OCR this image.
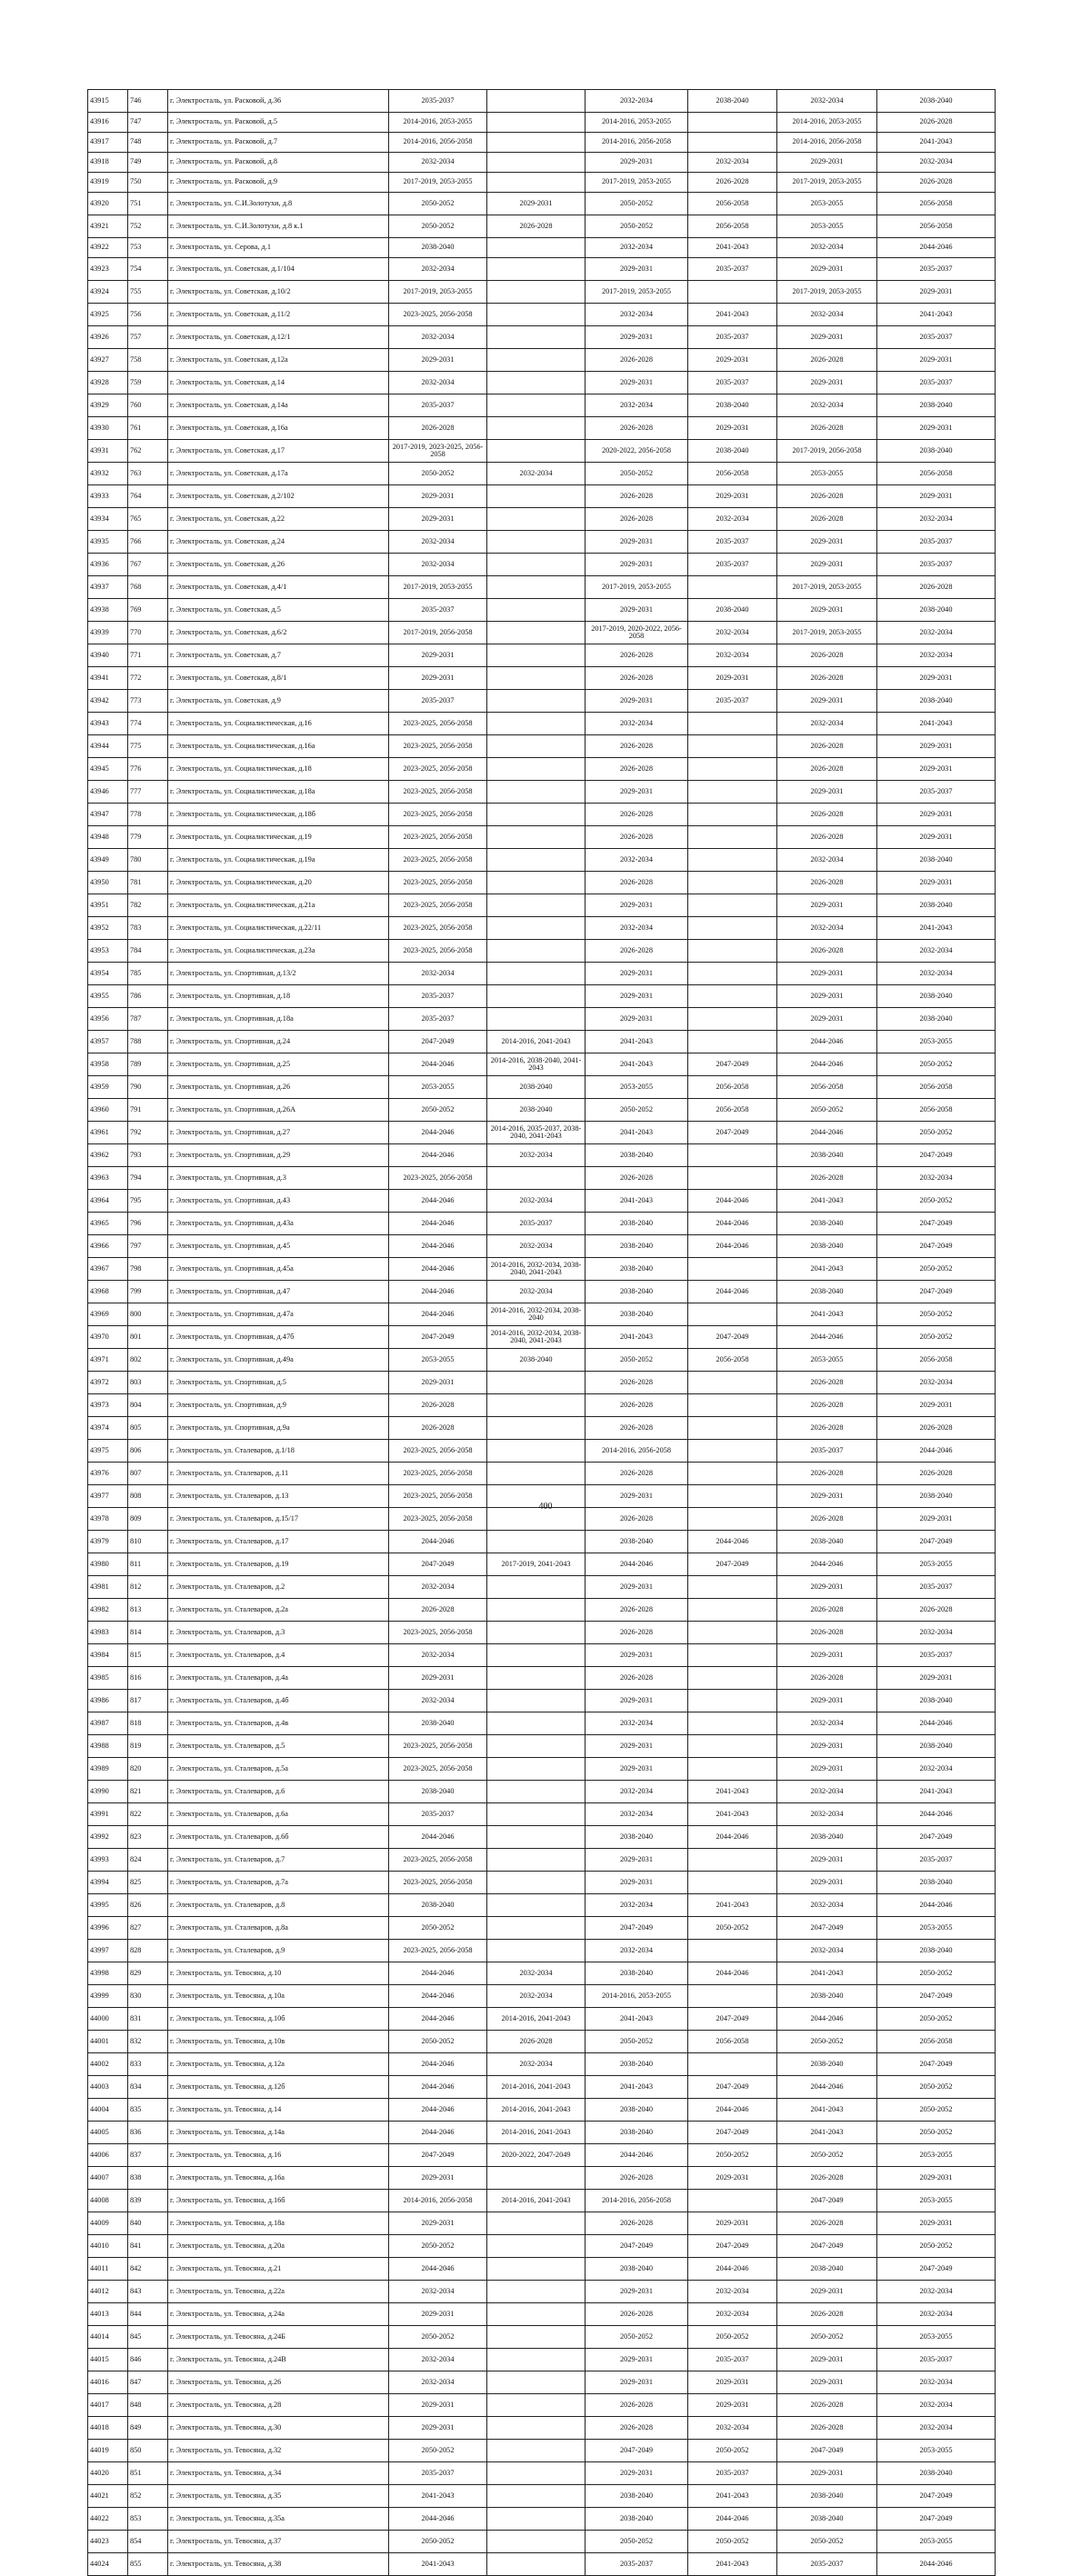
43915	746	г. Электросталь, ул. Расковой, д.36	2035-2037		2032-2034	2038-2040	2032-2034	2038-2040
43916	747	г. Электросталь, ул. Расковой, д.5	2014-2016, 2053-2055		2014-2016, 2053-2055		2014-2016, 2053-2055	2026-2028
43917	748	г. Электросталь, ул. Расковой, д.7	2014-2016, 2056-2058		2014-2016, 2056-2058		2014-2016, 2056-2058	2041-2043
43918	749	г. Электросталь, ул. Расковой, д.8	2032-2034		2029-2031	2032-2034	2029-2031	2032-2034
43919	750	г. Электросталь, ул. Расковой, д.9	2017-2019, 2053-2055		2017-2019, 2053-2055	2026-2028	2017-2019, 2053-2055	2026-2028
43920	751	г. Электросталь, ул. С.И.Золотухи, д.8	2050-2052	2029-2031	2050-2052	2056-2058	2053-2055	2056-2058
43921	752	г. Электросталь, ул. С.И.Золотухи, д.8 к.1	2050-2052	2026-2028	2050-2052	2056-2058	2053-2055	2056-2058
43922	753	г. Электросталь, ул. Серова, д.1	2038-2040		2032-2034	2041-2043	2032-2034	2044-2046
43923	754	г. Электросталь, ул. Советская, д.1/104	2032-2034		2029-2031	2035-2037	2029-2031	2035-2037
43924	755	г. Электросталь, ул. Советская, д.10/2	2017-2019, 2053-2055		2017-2019, 2053-2055		2017-2019, 2053-2055	2029-2031
43925	756	г. Электросталь, ул. Советская, д.11/2	2023-2025, 2056-2058		2032-2034	2041-2043	2032-2034	2041-2043
43926	757	г. Электросталь, ул. Советская, д.12/1	2032-2034		2029-2031	2035-2037	2029-2031	2035-2037
43927	758	г. Электросталь, ул. Советская, д.12а	2029-2031		2026-2028	2029-2031	2026-2028	2029-2031
43928	759	г. Электросталь, ул. Советская, д.14	2032-2034		2029-2031	2035-2037	2029-2031	2035-2037
43929	760	г. Электросталь, ул. Советская, д.14а	2035-2037		2032-2034	2038-2040	2032-2034	2038-2040
43930	761	г. Электросталь, ул. Советская, д.16а	2026-2028		2026-2028	2029-2031	2026-2028	2029-2031
43931	762	г. Электросталь, ул. Советская, д.17	2017-2019, 2023-2025, 2056-2058		2020-2022, 2056-2058	2038-2040	2017-2019, 2056-2058	2038-2040
43932	763	г. Электросталь, ул. Советская, д.17а	2050-2052	2032-2034	2050-2052	2056-2058	2053-2055	2056-2058
43933	764	г. Электросталь, ул. Советская, д.2/102	2029-2031		2026-2028	2029-2031	2026-2028	2029-2031
43934	765	г. Электросталь, ул. Советская, д.22	2029-2031		2026-2028	2032-2034	2026-2028	2032-2034
43935	766	г. Электросталь, ул. Советская, д.24	2032-2034		2029-2031	2035-2037	2029-2031	2035-2037
43936	767	г. Электросталь, ул. Советская, д.26	2032-2034		2029-2031	2035-2037	2029-2031	2035-2037
43937	768	г. Электросталь, ул. Советская, д.4/1	2017-2019, 2053-2055		2017-2019, 2053-2055		2017-2019, 2053-2055	2026-2028
43938	769	г. Электросталь, ул. Советская, д.5	2035-2037		2029-2031	2038-2040	2029-2031	2038-2040
43939	770	г. Электросталь, ул. Советская, д.6/2	2017-2019, 2056-2058		2017-2019, 2020-2022, 2056-2058	2032-2034	2017-2019, 2053-2055	2032-2034
43940	771	г. Электросталь, ул. Советская, д.7	2029-2031		2026-2028	2032-2034	2026-2028	2032-2034
43941	772	г. Электросталь, ул. Советская, д.8/1	2029-2031		2026-2028	2029-2031	2026-2028	2029-2031
43942	773	г. Электросталь, ул. Советская, д.9	2035-2037		2029-2031	2035-2037	2029-2031	2038-2040
43943	774	г. Электросталь, ул. Социалистическая, д.16	2023-2025, 2056-2058		2032-2034		2032-2034	2041-2043
43944	775	г. Электросталь, ул. Социалистическая, д.16а	2023-2025, 2056-2058		2026-2028		2026-2028	2029-2031
43945	776	г. Электросталь, ул. Социалистическая, д.18	2023-2025, 2056-2058		2026-2028		2026-2028	2029-2031
43946	777	г. Электросталь, ул. Социалистическая, д.18а	2023-2025, 2056-2058		2029-2031		2029-2031	2035-2037
43947	778	г. Электросталь, ул. Социалистическая, д.18б	2023-2025, 2056-2058		2026-2028		2026-2028	2029-2031
43948	779	г. Электросталь, ул. Социалистическая, д.19	2023-2025, 2056-2058		2026-2028		2026-2028	2029-2031
43949	780	г. Электросталь, ул. Социалистическая, д.19а	2023-2025, 2056-2058		2032-2034		2032-2034	2038-2040
43950	781	г. Электросталь, ул. Социалистическая, д.20	2023-2025, 2056-2058		2026-2028		2026-2028	2029-2031
43951	782	г. Электросталь, ул. Социалистическая, д.21а	2023-2025, 2056-2058		2029-2031		2029-2031	2038-2040
43952	783	г. Электросталь, ул. Социалистическая, д.22/11	2023-2025, 2056-2058		2032-2034		2032-2034	2041-2043
43953	784	г. Электросталь, ул. Социалистическая, д.23а	2023-2025, 2056-2058		2026-2028		2026-2028	2032-2034
43954	785	г. Электросталь, ул. Спортивная, д.13/2	2032-2034		2029-2031		2029-2031	2032-2034
43955	786	г. Электросталь, ул. Спортивная, д.18	2035-2037		2029-2031		2029-2031	2038-2040
43956	787	г. Электросталь, ул. Спортивная, д.18а	2035-2037		2029-2031		2029-2031	2038-2040
43957	788	г. Электросталь, ул. Спортивная, д.24	2047-2049	2014-2016, 2041-2043	2041-2043		2044-2046	2053-2055
43958	789	г. Электросталь, ул. Спортивная, д.25	2044-2046	2014-2016, 2038-2040, 2041-2043	2041-2043	2047-2049	2044-2046	2050-2052
43959	790	г. Электросталь, ул. Спортивная, д.26	2053-2055	2038-2040	2053-2055	2056-2058	2056-2058	2056-2058
43960	791	г. Электросталь, ул. Спортивная, д.26А	2050-2052	2038-2040	2050-2052	2056-2058	2050-2052	2056-2058
43961	792	г. Электросталь, ул. Спортивная, д.27	2044-2046	2014-2016, 2035-2037, 2038-2040, 2041-2043	2041-2043	2047-2049	2044-2046	2050-2052
43962	793	г. Электросталь, ул. Спортивная, д.29	2044-2046	2032-2034	2038-2040		2038-2040	2047-2049
43963	794	г. Электросталь, ул. Спортивная, д.3	2023-2025, 2056-2058		2026-2028		2026-2028	2032-2034
43964	795	г. Электросталь, ул. Спортивная, д.43	2044-2046	2032-2034	2041-2043	2044-2046	2041-2043	2050-2052
43965	796	г. Электросталь, ул. Спортивная, д.43а	2044-2046	2035-2037	2038-2040	2044-2046	2038-2040	2047-2049
43966	797	г. Электросталь, ул. Спортивная, д.45	2044-2046	2032-2034	2038-2040	2044-2046	2038-2040	2047-2049
43967	798	г. Электросталь, ул. Спортивная, д.45а	2044-2046	2014-2016, 2032-2034, 2038-2040, 2041-2043	2038-2040		2041-2043	2050-2052
43968	799	г. Электросталь, ул. Спортивная, д.47	2044-2046	2032-2034	2038-2040	2044-2046	2038-2040	2047-2049
43969	800	г. Электросталь, ул. Спортивная, д.47а	2044-2046	2014-2016, 2032-2034, 2038-2040	2038-2040		2041-2043	2050-2052
43970	801	г. Электросталь, ул. Спортивная, д.47б	2047-2049	2014-2016, 2032-2034, 2038-2040, 2041-2043	2041-2043	2047-2049	2044-2046	2050-2052
43971	802	г. Электросталь, ул. Спортивная, д.49а	2053-2055	2038-2040	2050-2052	2056-2058	2053-2055	2056-2058
43972	803	г. Электросталь, ул. Спортивная, д.5	2029-2031		2026-2028		2026-2028	2032-2034
43973	804	г. Электросталь, ул. Спортивная, д.9	2026-2028		2026-2028		2026-2028	2029-2031
43974	805	г. Электросталь, ул. Спортивная, д.9а	2026-2028		2026-2028		2026-2028	2026-2028
43975	806	г. Электросталь, ул. Сталеваров, д.1/18	2023-2025, 2056-2058		2014-2016, 2056-2058		2035-2037	2044-2046
43976	807	г. Электросталь, ул. Сталеваров, д.11	2023-2025, 2056-2058		2026-2028		2026-2028	2026-2028
43977	808	г. Электросталь, ул. Сталеваров, д.13	2023-2025, 2056-2058		2029-2031		2029-2031	2038-2040
43978	809	г. Электросталь, ул. Сталеваров, д.15/17	2023-2025, 2056-2058		2026-2028		2026-2028	2029-2031
43979	810	г. Электросталь, ул. Сталеваров, д.17	2044-2046		2038-2040	2044-2046	2038-2040	2047-2049
43980	811	г. Электросталь, ул. Сталеваров, д.19	2047-2049	2017-2019, 2041-2043	2044-2046	2047-2049	2044-2046	2053-2055
43981	812	г. Электросталь, ул. Сталеваров, д.2	2032-2034		2029-2031		2029-2031	2035-2037
43982	813	г. Электросталь, ул. Сталеваров, д.2а	2026-2028		2026-2028		2026-2028	2026-2028
43983	814	г. Электросталь, ул. Сталеваров, д.3	2023-2025, 2056-2058		2026-2028		2026-2028	2032-2034
43984	815	г. Электросталь, ул. Сталеваров, д.4	2032-2034		2029-2031		2029-2031	2035-2037
43985	816	г. Электросталь, ул. Сталеваров, д.4а	2029-2031		2026-2028		2026-2028	2029-2031
43986	817	г. Электросталь, ул. Сталеваров, д.4б	2032-2034		2029-2031		2029-2031	2038-2040
43987	818	г. Электросталь, ул. Сталеваров, д.4в	2038-2040		2032-2034		2032-2034	2044-2046
43988	819	г. Электросталь, ул. Сталеваров, д.5	2023-2025, 2056-2058		2029-2031		2029-2031	2038-2040
43989	820	г. Электросталь, ул. Сталеваров, д.5а	2023-2025, 2056-2058		2029-2031		2029-2031	2032-2034
43990	821	г. Электросталь, ул. Сталеваров, д.6	2038-2040		2032-2034	2041-2043	2032-2034	2041-2043
43991	822	г. Электросталь, ул. Сталеваров, д.6а	2035-2037		2032-2034	2041-2043	2032-2034	2044-2046
43992	823	г. Электросталь, ул. Сталеваров, д.6б	2044-2046		2038-2040	2044-2046	2038-2040	2047-2049
43993	824	г. Электросталь, ул. Сталеваров, д.7	2023-2025, 2056-2058		2029-2031		2029-2031	2035-2037
43994	825	г. Электросталь, ул. Сталеваров, д.7а	2023-2025, 2056-2058		2029-2031		2029-2031	2038-2040
43995	826	г. Электросталь, ул. Сталеваров, д.8	2038-2040		2032-2034	2041-2043	2032-2034	2044-2046
43996	827	г. Электросталь, ул. Сталеваров, д.8а	2050-2052		2047-2049	2050-2052	2047-2049	2053-2055
43997	828	г. Электросталь, ул. Сталеваров, д.9	2023-2025, 2056-2058		2032-2034		2032-2034	2038-2040
43998	829	г. Электросталь, ул. Тевосяна, д.10	2044-2046	2032-2034	2038-2040	2044-2046	2041-2043	2050-2052
43999	830	г. Электросталь, ул. Тевосяна, д.10а	2044-2046	2032-2034	2014-2016, 2053-2055		2038-2040	2047-2049
44000	831	г. Электросталь, ул. Тевосяна, д.10б	2044-2046	2014-2016, 2041-2043	2041-2043	2047-2049	2044-2046	2050-2052
44001	832	г. Электросталь, ул. Тевосяна, д.10в	2050-2052	2026-2028	2050-2052	2056-2058	2050-2052	2056-2058
44002	833	г. Электросталь, ул. Тевосяна, д.12а	2044-2046	2032-2034	2038-2040		2038-2040	2047-2049
44003	834	г. Электросталь, ул. Тевосяна, д.12б	2044-2046	2014-2016, 2041-2043	2041-2043	2047-2049	2044-2046	2050-2052
44004	835	г. Электросталь, ул. Тевосяна, д.14	2044-2046	2014-2016, 2041-2043	2038-2040	2044-2046	2041-2043	2050-2052
44005	836	г. Электросталь, ул. Тевосяна, д.14а	2044-2046	2014-2016, 2041-2043	2038-2040	2047-2049	2041-2043	2050-2052
44006	837	г. Электросталь, ул. Тевосяна, д.16	2047-2049	2020-2022, 2047-2049	2044-2046	2050-2052	2050-2052	2053-2055
44007	838	г. Электросталь, ул. Тевосяна, д.16а	2029-2031		2026-2028	2029-2031	2026-2028	2029-2031
44008	839	г. Электросталь, ул. Тевосяна, д.16б	2014-2016, 2056-2058	2014-2016, 2041-2043	2014-2016, 2056-2058		2047-2049	2053-2055
44009	840	г. Электросталь, ул. Тевосяна, д.18а	2029-2031		2026-2028	2029-2031	2026-2028	2029-2031
44010	841	г. Электросталь, ул. Тевосяна, д.20а	2050-2052		2047-2049	2047-2049	2047-2049	2050-2052
44011	842	г. Электросталь, ул. Тевосяна, д.21	2044-2046		2038-2040	2044-2046	2038-2040	2047-2049
44012	843	г. Электросталь, ул. Тевосяна, д.22а	2032-2034		2029-2031	2032-2034	2029-2031	2032-2034
44013	844	г. Электросталь, ул. Тевосяна, д.24а	2029-2031		2026-2028	2032-2034	2026-2028	2032-2034
44014	845	г. Электросталь, ул. Тевосяна, д.24Б	2050-2052		2050-2052	2050-2052	2050-2052	2053-2055
44015	846	г. Электросталь, ул. Тевосяна, д.24В	2032-2034		2029-2031	2035-2037	2029-2031	2035-2037
44016	847	г. Электросталь, ул. Тевосяна, д.26	2032-2034		2029-2031	2029-2031	2029-2031	2032-2034
44017	848	г. Электросталь, ул. Тевосяна, д.28	2029-2031		2026-2028	2029-2031	2026-2028	2032-2034
44018	849	г. Электросталь, ул. Тевосяна, д.30	2029-2031		2026-2028	2032-2034	2026-2028	2032-2034
44019	850	г. Электросталь, ул. Тевосяна, д.32	2050-2052		2047-2049	2050-2052	2047-2049	2053-2055
44020	851	г. Электросталь, ул. Тевосяна, д.34	2035-2037		2029-2031	2035-2037	2029-2031	2038-2040
44021	852	г. Электросталь, ул. Тевосяна, д.35	2041-2043		2038-2040	2041-2043	2038-2040	2047-2049
44022	853	г. Электросталь, ул. Тевосяна, д.35а	2044-2046		2038-2040	2044-2046	2038-2040	2047-2049
44023	854	г. Электросталь, ул. Тевосяна, д.37	2050-2052		2050-2052	2050-2052	2050-2052	2053-2055
44024	855	г. Электросталь, ул. Тевосяна, д.38	2041-2043		2035-2037	2041-2043	2035-2037	2044-2046
400
